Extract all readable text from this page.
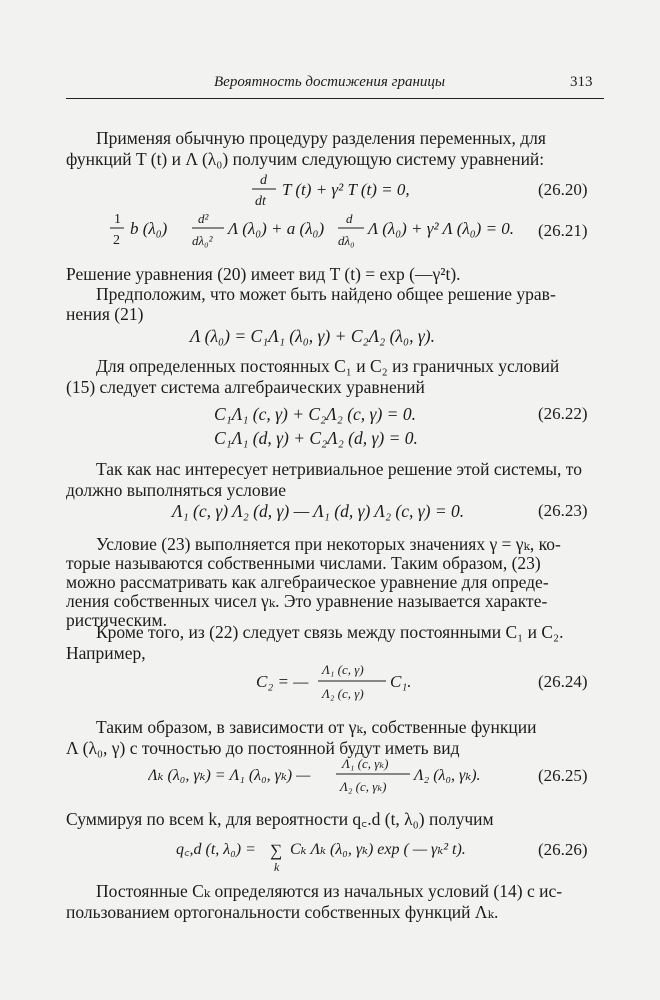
Вероятность достижения границы	313
Применяя обычную процедуру разделения переменных, для
функций T (t) и Λ (λ₀) получим следующую систему уравнений:
d
dt
T (t) + γ² T (t) = 0,	(26.20)
1
2
b (λ₀)
d²
dλ₀²
Λ (λ₀) + a (λ₀)
d
dλ₀
Λ (λ₀) + γ² Λ (λ₀) = 0. (26.21)
Решение уравнения (20) имеет вид T (t) = exp (—γ²t).
Предположим, что может быть найдено общее решение урав-
нения (21)
Λ (λ₀) = C₁Λ₁ (λ₀, γ) + C₂Λ₂ (λ₀, γ).
Для определенных постоянных C₁ и C₂ из граничных условий
(15) следует система алгебраических уравнений
C₁Λ₁ (c, γ) + C₂Λ₂ (c, γ) = 0.
C₁Λ₁ (d, γ) + C₂Λ₂ (d, γ) = 0.
(26.22)
Так как нас интересует нетривиальное решение этой системы, то
должно выполняться условие
Λ₁ (c, γ) Λ₂ (d, γ) — Λ₁ (d, γ) Λ₂ (c, γ) = 0.	(26.23)
Условие (23) выполняется при некоторых значениях γ = γₖ, ко-
торые называются собственными числами. Таким образом, (23)
можно рассматривать как алгебраическое уравнение для опреде-
ления собственных чисел γₖ. Это уравнение называется характе-
ристическим.
Кроме того, из (22) следует связь между постоянными C₁ и C₂.
Например,
C₂ = —
Λ₁ (c, γ)
Λ₂ (c, γ)
C₁.	(26.24)
Таким образом, в зависимости от γₖ, собственные функции
Λ (λ₀, γ) с точностью до постоянной будут иметь вид
Λₖ (λ₀, γₖ) = Λ₁ (λ₀, γₖ) —
Λ₁ (c, γₖ)
Λ₂ (c, γₖ)
Λ₂ (λ₀, γₖ).	(26.25)
Суммируя по всем k, для вероятности q꜀.d (t, λ₀) получим
q꜀,d (t, λ₀) = ∑
k
Cₖ Λₖ (λ₀, γₖ) exp ( — γₖ² t).	(26.26)
Постоянные Cₖ определяются из начальных условий (14) с ис-
пользованием ортогональности собственных функций Λₖ.
